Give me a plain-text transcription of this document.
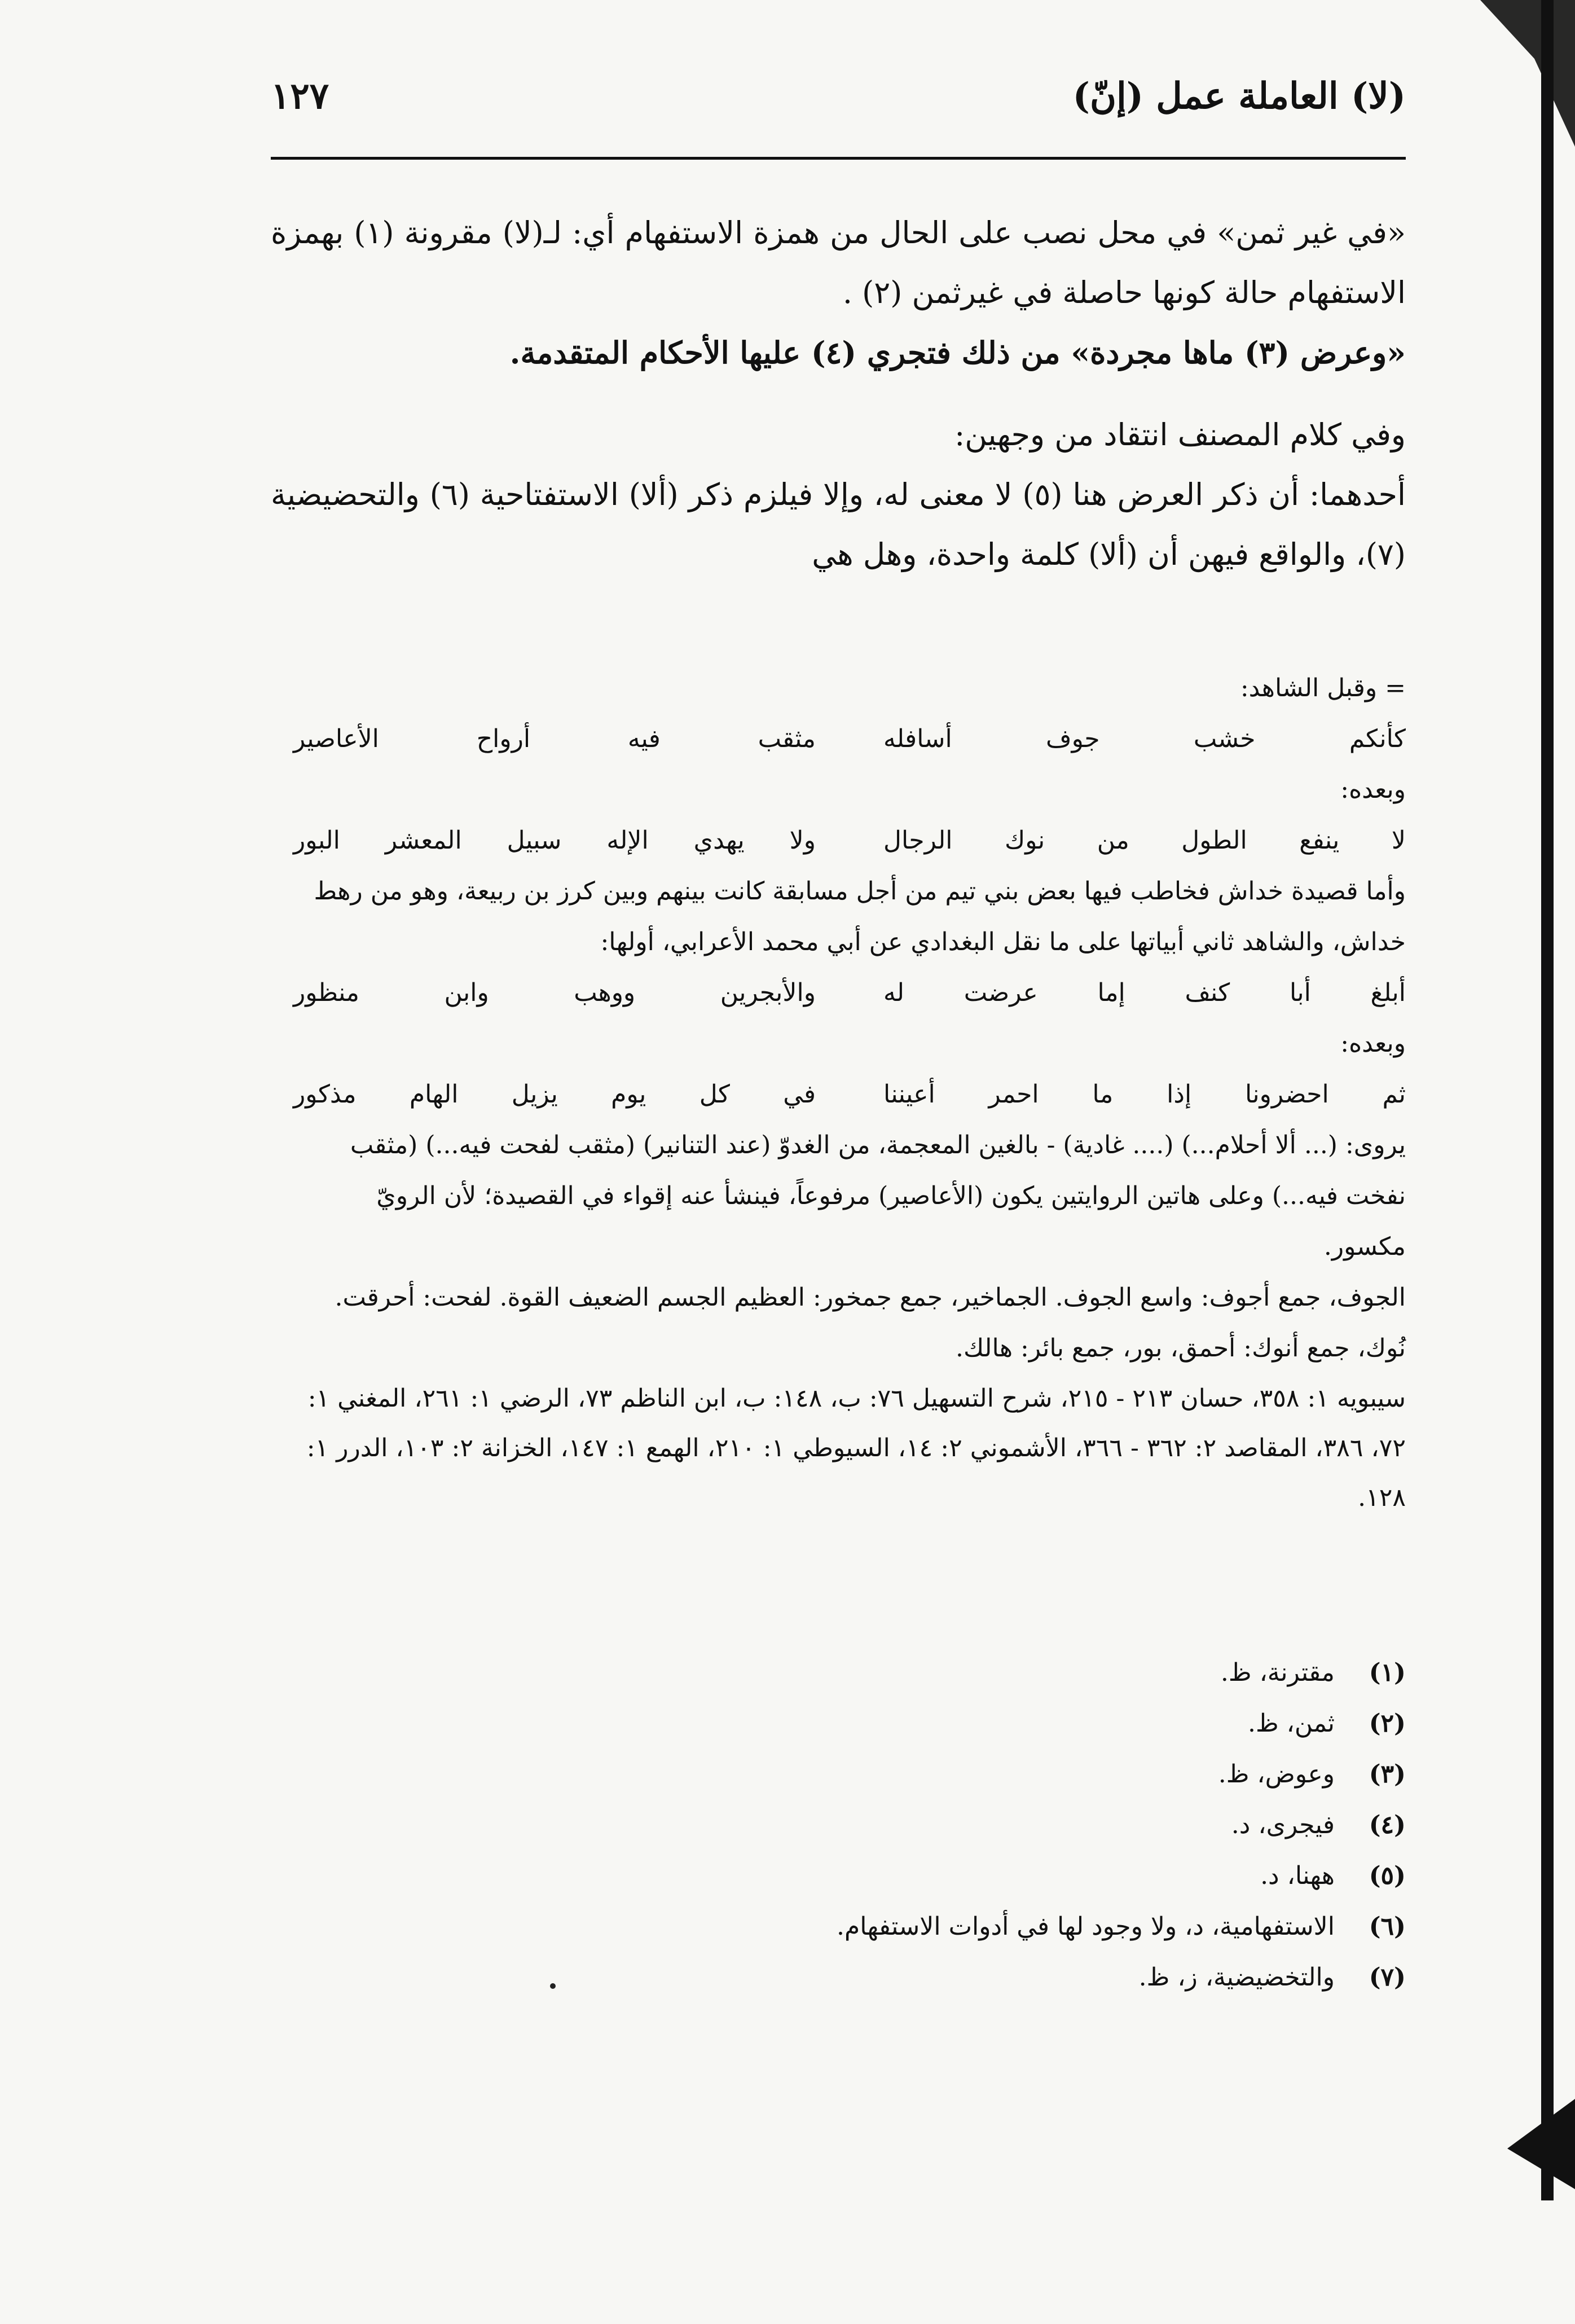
(لا) العاملة عمل (إنّ)
١٢٧

«في غير ثمن» في محل نصب على الحال من همزة الاستفهام أي: لـ(لا) مقرونة (١) بهمزة الاستفهام حالة كونها حاصلة في غيرثمن (٢) .

«وعرض (٣) ماها مجردة» من ذلك فتجري (٤) عليها الأحكام المتقدمة.

وفي كلام المصنف انتقاد من وجهين:

أحدهما: أن ذكر العرض هنا (٥) لا معنى له، وإلا فيلزم ذكر (ألا) الاستفتاحية (٦) والتحضيضية (٧)، والواقع فيهن أن (ألا) كلمة واحدة، وهل هي

= وقبل الشاهد:

كأنكم خشب جوف أسافله
مثقب فيه أرواح الأعاصير

وبعده:

لا ينفع الطول من نوك الرجال
ولا يهدي الإله سبيل المعشر البور

وأما قصيدة خداش فخاطب فيها بعض بني تيم من أجل مسابقة كانت بينهم وبين كرز بن ربيعة، وهو من رهط خداش، والشاهد ثاني أبياتها على ما نقل البغدادي عن أبي محمد الأعرابي، أولها:

أبلغ أبا كنف إما عرضت له
والأبجرين ووهب وابن منظور

وبعده:

ثم احضرونا إذا ما احمر أعيننا
في كل يوم يزيل الهام مذكور

يروى: (... ألا أحلام...) (.... غادية) - بالغين المعجمة، من الغدوّ (عند التنانير) (مثقب لفحت فيه...) (مثقب نفخت فيه...) وعلى هاتين الروايتين يكون (الأعاصير) مرفوعاً، فينشأ عنه إقواء في القصيدة؛ لأن الرويّ مكسور.

الجوف، جمع أجوف: واسع الجوف. الجماخير، جمع جمخور: العظيم الجسم الضعيف القوة. لفحت: أحرقت. نُوك، جمع أنوك: أحمق، بور، جمع بائر: هالك.

سيبويه ١: ٣٥٨، حسان ٢١٣ - ٢١٥، شرح التسهيل ٧٦: ب، ١٤٨: ب، ابن الناظم ٧٣، الرضي ١: ٢٦١، المغني ١: ٧٢، ٣٨٦، المقاصد ٢: ٣٦٢ - ٣٦٦، الأشموني ٢: ١٤، السيوطي ١: ٢١٠، الهمع ١: ١٤٧، الخزانة ٢: ١٠٣، الدرر ١: ١٢٨.

(١)
مقترنة، ظ.
(٢)
ثمن، ظ.
(٣)
وعوض، ظ.
(٤)
فيجرى، د.
(٥)
ههنا، د.
(٦)
الاستفهامية، د، ولا وجود لها في أدوات الاستفهام.
(٧)
والتخضيضية، ز، ظ.
